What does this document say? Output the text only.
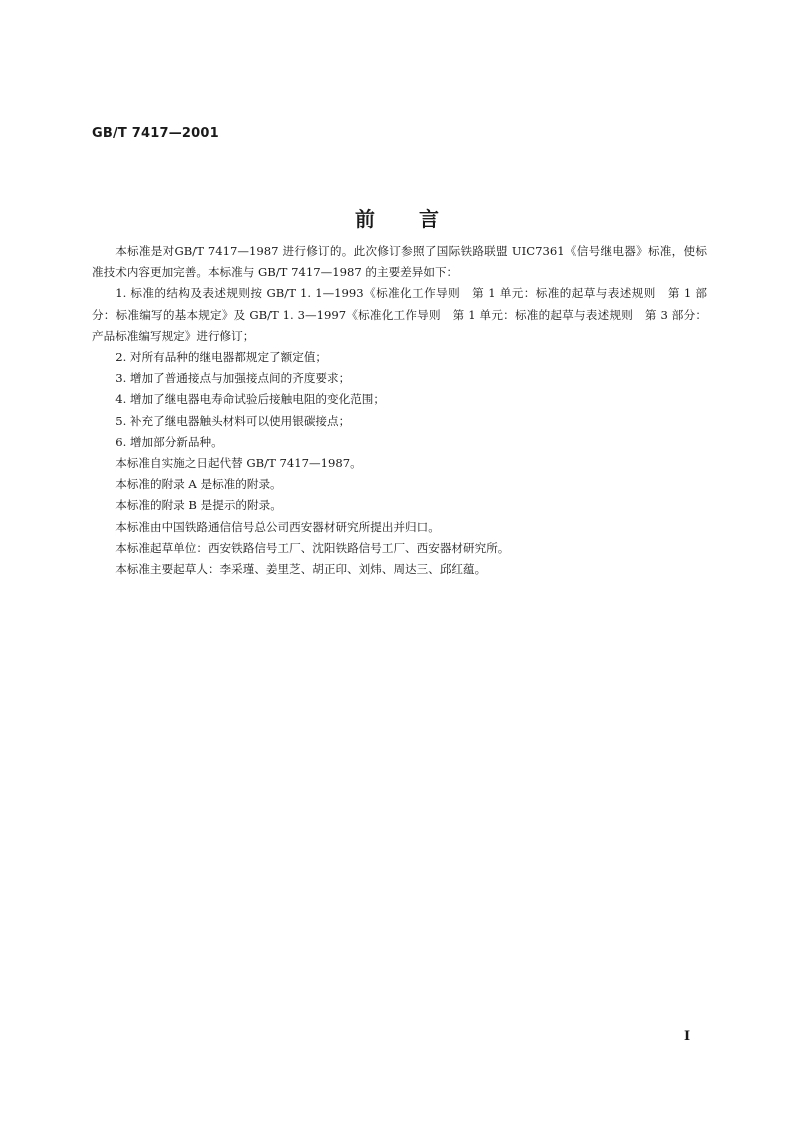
GB/T 7417—2001
前言

本标准是对GB/T 7417—1987 进行修订的。此次修订参照了国际铁路联盟 UIC7361《信号继电器》标准，使标准技术内容更加完善。本标准与 GB/T 7417—1987 的主要差异如下：

1. 标准的结构及表述规则按 GB/T 1. 1—1993《标准化工作导则　第 1 单元：标准的起草与表述规则　第 1 部分：标准编写的基本规定》及 GB/T 1. 3—1997《标准化工作导则　第 1 单元：标准的起草与表述规则　第 3 部分：产品标准编写规定》进行修订；

2. 对所有品种的继电器都规定了额定值；

3. 增加了普通接点与加强接点间的齐度要求；

4. 增加了继电器电寿命试验后接触电阻的变化范围；

5. 补充了继电器触头材料可以使用银碳接点；

6. 增加部分新品种。

本标准自实施之日起代替 GB/T 7417—1987。

本标准的附录 A 是标准的附录。

本标准的附录 B 是提示的附录。

本标准由中国铁路通信信号总公司西安器材研究所提出并归口。

本标准起草单位：西安铁路信号工厂、沈阳铁路信号工厂、西安器材研究所。

本标准主要起草人：李采瑾、姜里芝、胡正印、刘炜、周达三、邱红蕴。

I
